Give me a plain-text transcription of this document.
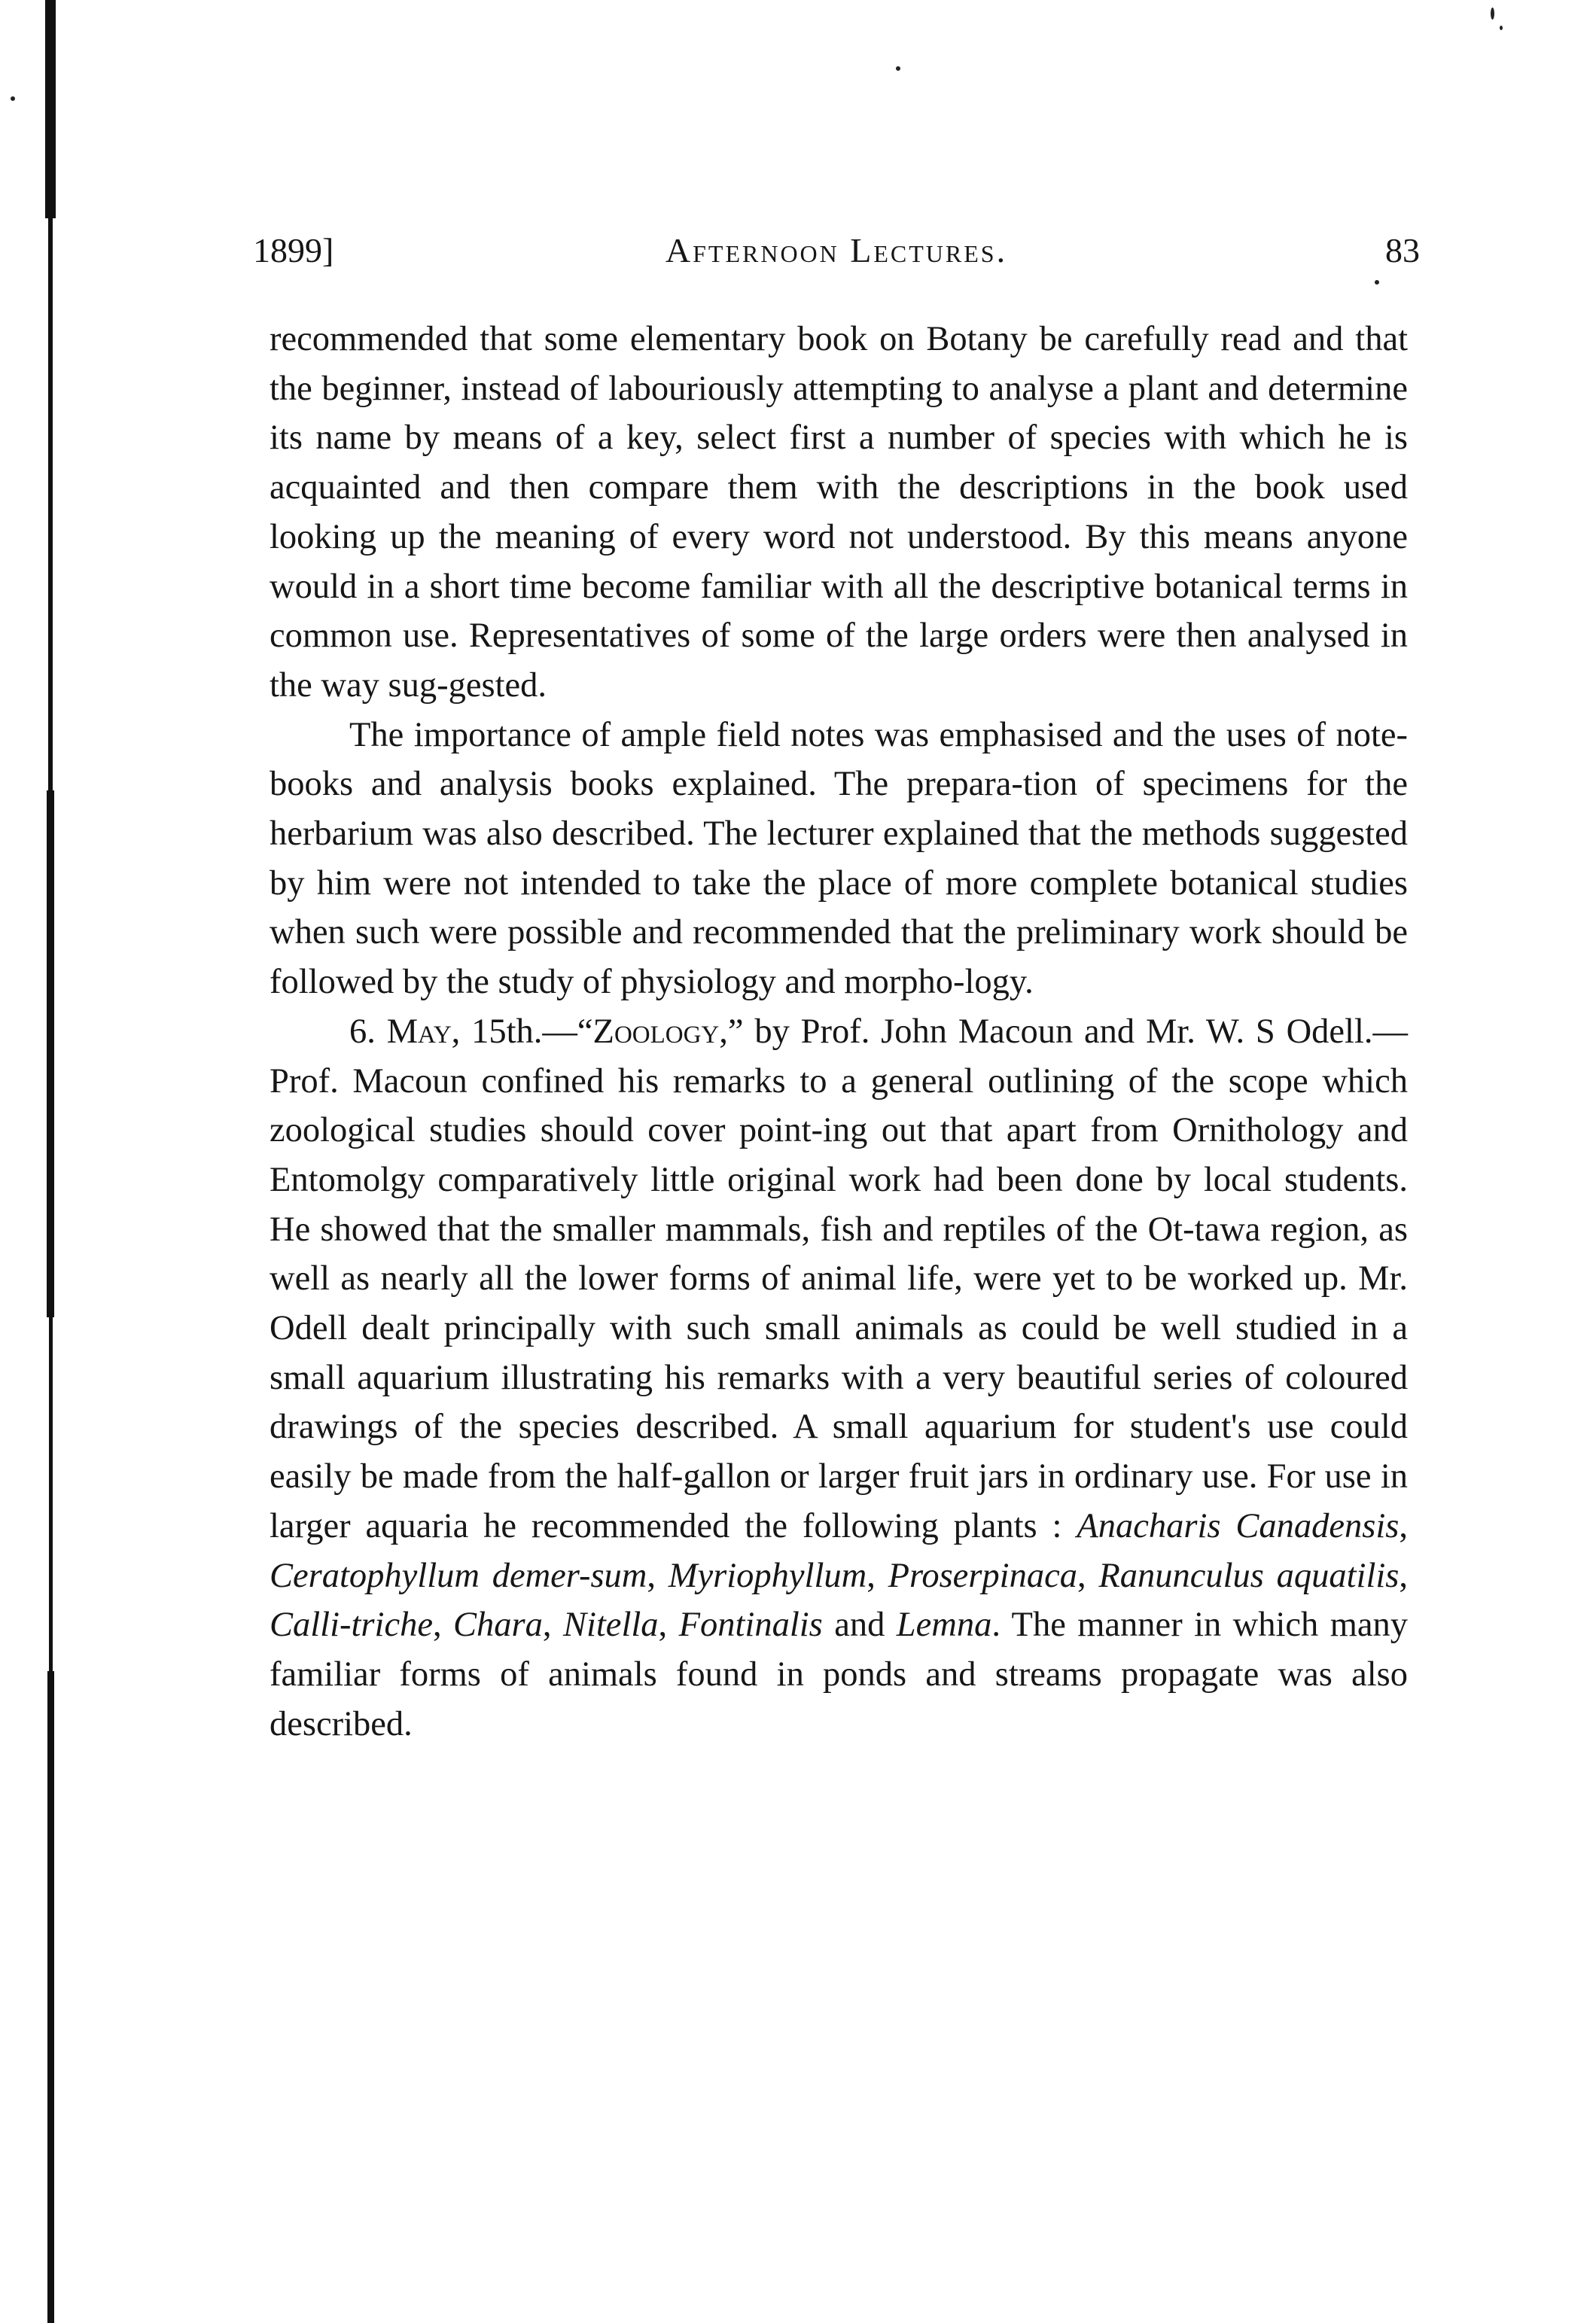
1899]	Afternoon Lectures.	83

recommended that some elementary book on Botany be carefully read and that the beginner, instead of labouriously attempting to analyse a plant and determine its name by means of a key, select first a number of species with which he is acquainted and then compare them with the descriptions in the book used looking up the meaning of every word not understood. By this means anyone would in a short time become familiar with all the descriptive botanical terms in common use. Representatives of some of the large orders were then analysed in the way sug-gested.

The importance of ample field notes was emphasised and the uses of note-books and analysis books explained. The prepara-tion of specimens for the herbarium was also described. The lecturer explained that the methods suggested by him were not intended to take the place of more complete botanical studies when such were possible and recommended that the preliminary work should be followed by the study of physiology and morpho-logy.

6. May, 15th.—“Zoology,” by Prof. John Macoun and Mr. W. S Odell.—Prof. Macoun confined his remarks to a general outlining of the scope which zoological studies should cover point-ing out that apart from Ornithology and Entomolgy comparatively little original work had been done by local students. He showed that the smaller mammals, fish and reptiles of the Ot-tawa region, as well as nearly all the lower forms of animal life, were yet to be worked up. Mr. Odell dealt principally with such small animals as could be well studied in a small aquarium illustrating his remarks with a very beautiful series of coloured drawings of the species described. A small aquarium for student's use could easily be made from the half-gallon or larger fruit jars in ordinary use. For use in larger aquaria he recommended the following plants : Anacharis Canadensis, Ceratophyllum demer-sum, Myriophyllum, Proserpinaca, Ranunculus aquatilis, Calli-triche, Chara, Nitella, Fontinalis and Lemna. The manner in which many familiar forms of animals found in ponds and streams propagate was also described.
